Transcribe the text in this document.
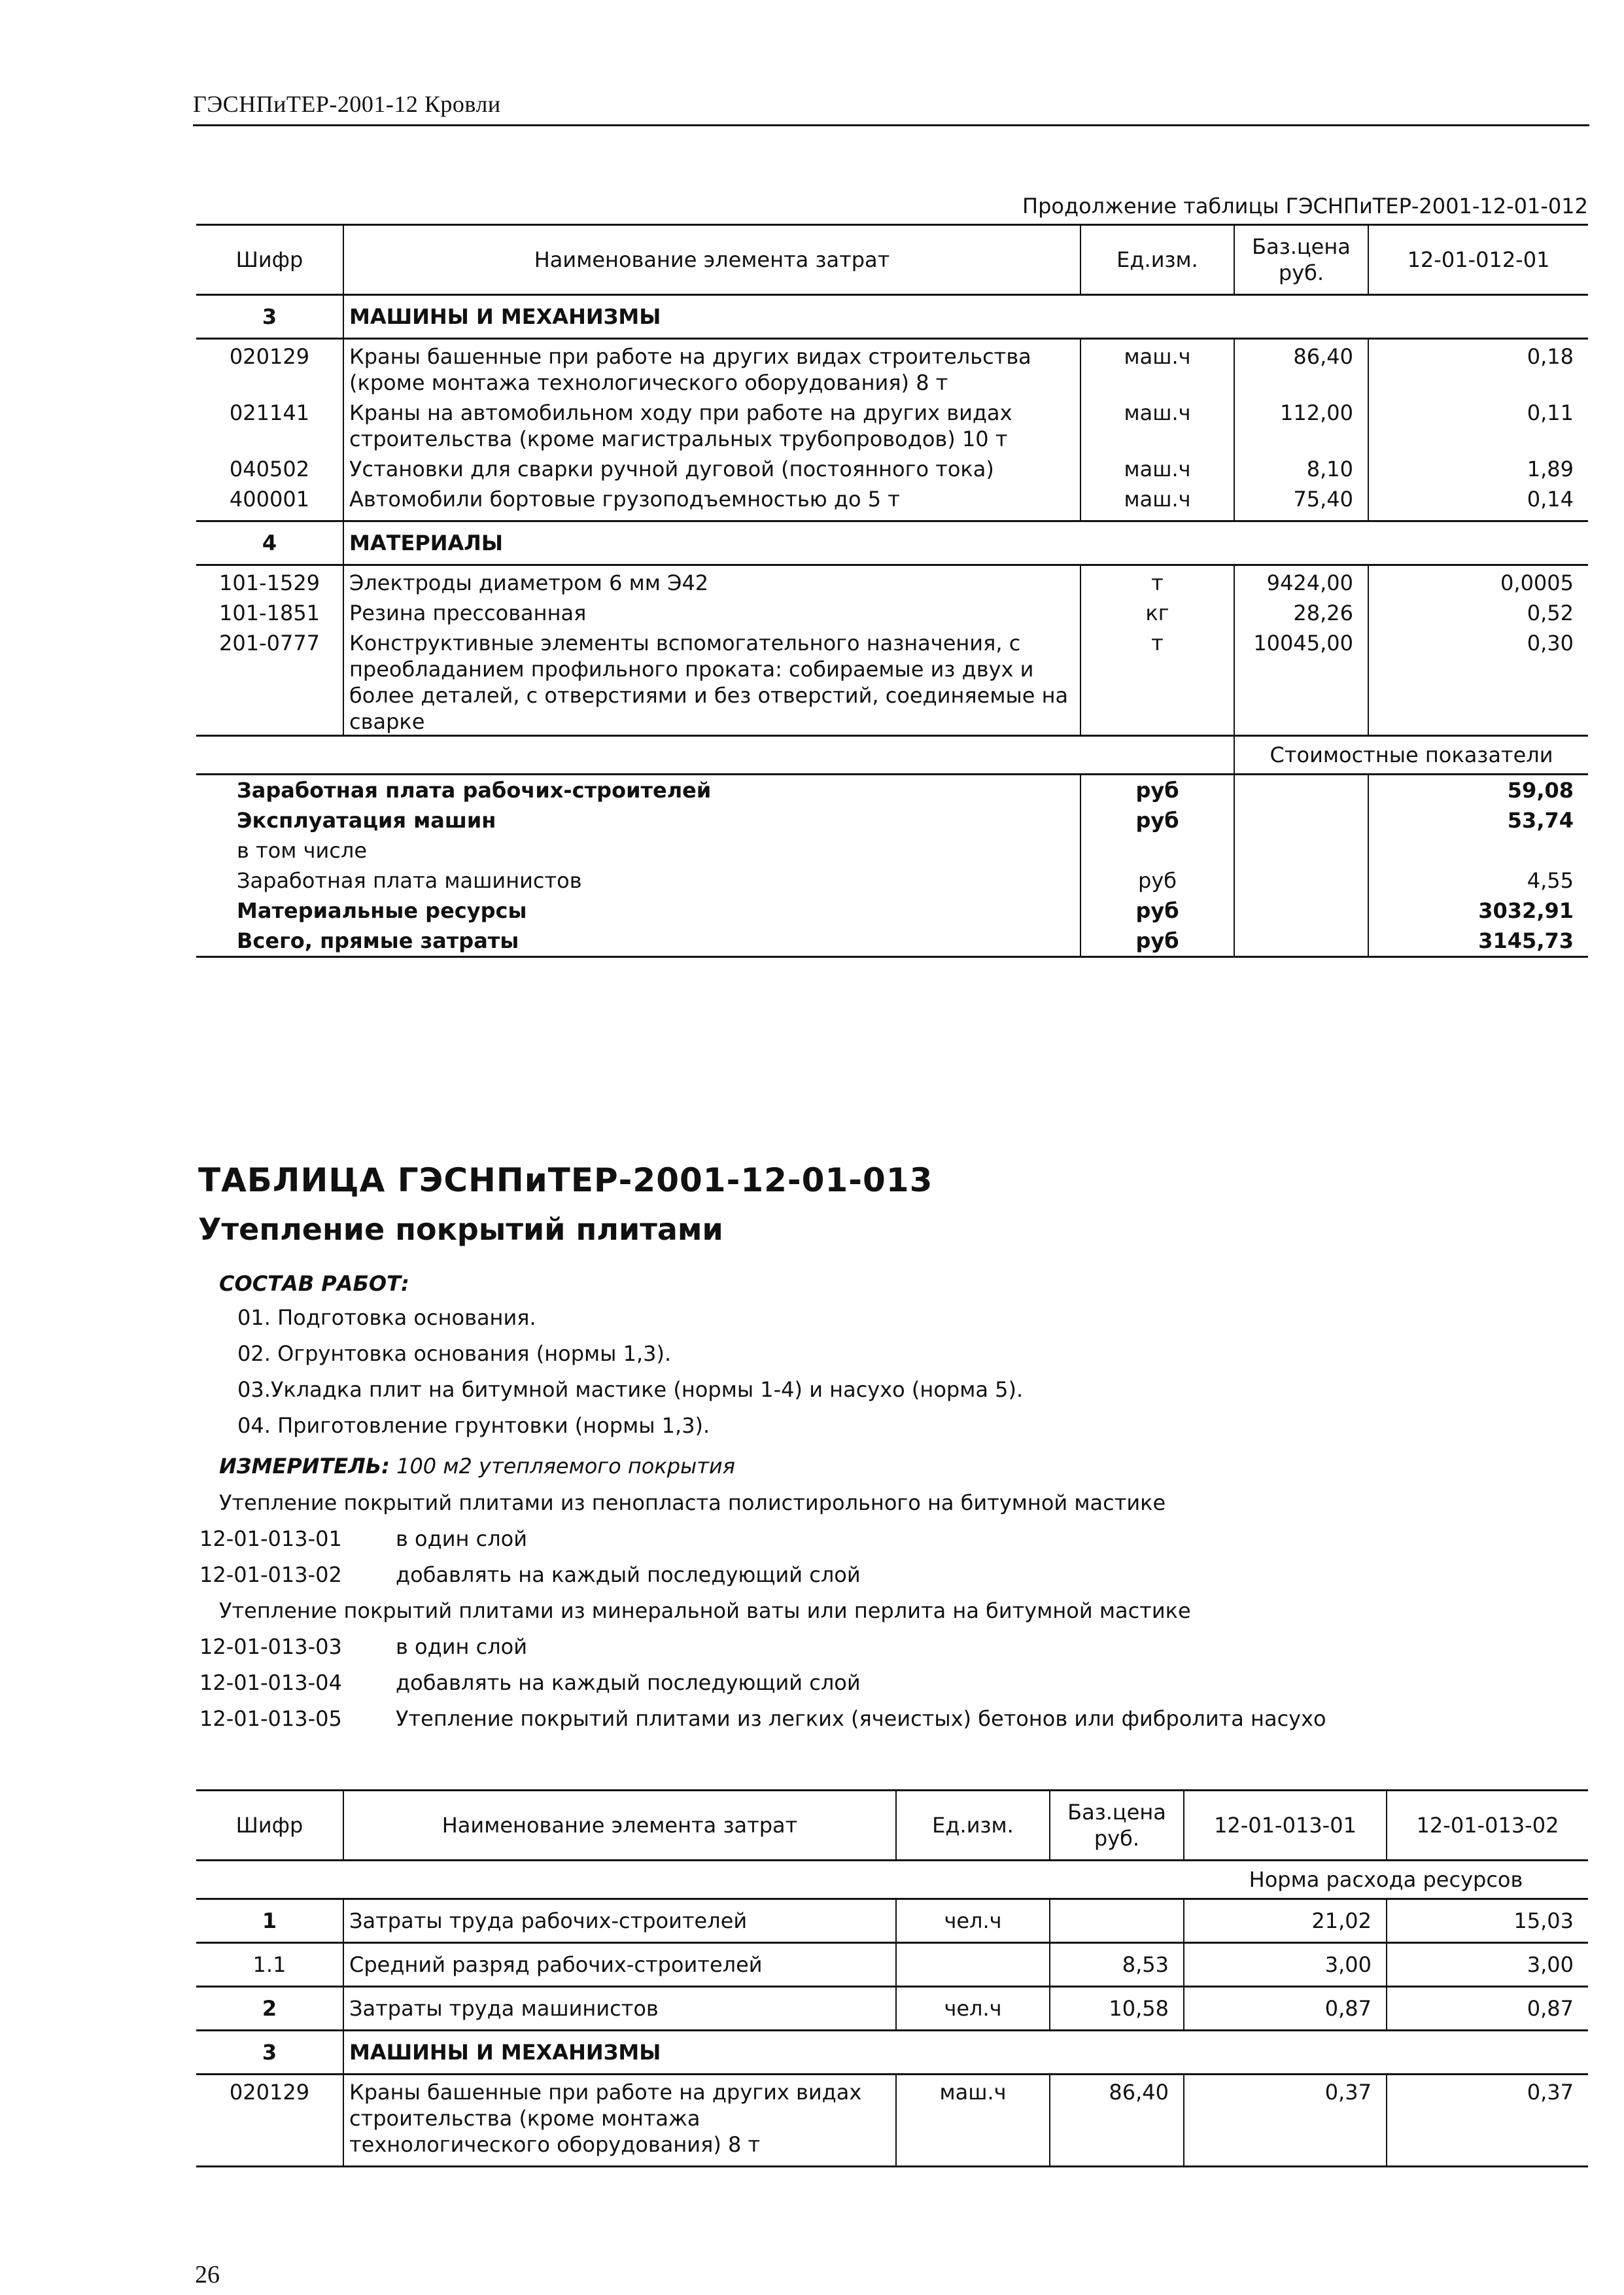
ГЭСНПиТЕР-2001-12 Кровли
Продолжение таблицы ГЭСНПиТЕР-2001-12-01-012
Шифр	Наименование элемента затрат	Ед.изм.	Баз.цена руб.	12-01-012-01
3	МАШИНЫ И МЕХАНИЗМЫ			
020129	Краны башенные при работе на других видах строительства (кроме монтажа технологического оборудования) 8 т	маш.ч	86,40	0,18
021141	Краны на автомобильном ходу при работе на других видах строительства (кроме магистральных трубопроводов) 10 т	маш.ч	112,00	0,11
040502	Установки для сварки ручной дуговой (постоянного тока)	маш.ч	8,10	1,89
400001	Автомобили бортовые грузоподъемностью до 5 т	маш.ч	75,40	0,14
4	МАТЕРИАЛЫ			
101-1529	Электроды диаметром 6 мм Э42	т	9424,00	0,0005
101-1851	Резина прессованная	кг	28,26	0,52
201-0777	Конструктивные элементы вспомогательного назначения, с преобладанием профильного проката: собираемые из двух и более деталей, с отверстиями и без отверстий, соединяемые на сварке	т	10045,00	0,30
			Стоимостные показатели	
Заработная плата рабочих-строителей		руб		59,08
Эксплуатация машин		руб		53,74
в том числе				
Заработная плата машинистов		руб		4,55
Материальные ресурсы		руб		3032,91
Всего, прямые затраты		руб		3145,73
ТАБЛИЦА ГЭСНПиТЕР-2001-12-01-013
Утепление покрытий плитами
СОСТАВ РАБОТ:
01. Подготовка основания.
02. Огрунтовка основания (нормы 1,3).
03.Укладка плит на битумной мастике (нормы 1-4) и насухо (норма 5).
04. Приготовление грунтовки (нормы 1,3).
ИЗМЕРИТЕЛЬ: 100 м2 утепляемого покрытия
Утепление покрытий плитами из пенопласта полистирольного на битумной мастике
12-01-013-01	в один слой
12-01-013-02	добавлять на каждый последующий слой
Утепление покрытий плитами из минеральной ваты или перлита на битумной мастике
12-01-013-03	в один слой
12-01-013-04	добавлять на каждый последующий слой
12-01-013-05	Утепление покрытий плитами из легких (ячеистых) бетонов или фибролита насухо
Шифр	Наименование элемента затрат	Ед.изм.	Баз.цена руб.	12-01-013-01	12-01-013-02
				Норма расхода ресурсов	
1	Затраты труда рабочих-строителей	чел.ч		21,02	15,03
1.1	Средний разряд рабочих-строителей		8,53	3,00	3,00
2	Затраты труда машинистов	чел.ч	10,58	0,87	0,87
3	МАШИНЫ И МЕХАНИЗМЫ				
020129	Краны башенные при работе на других видах строительства (кроме монтажа технологического оборудования) 8 т	маш.ч	86,40	0,37	0,37
26
